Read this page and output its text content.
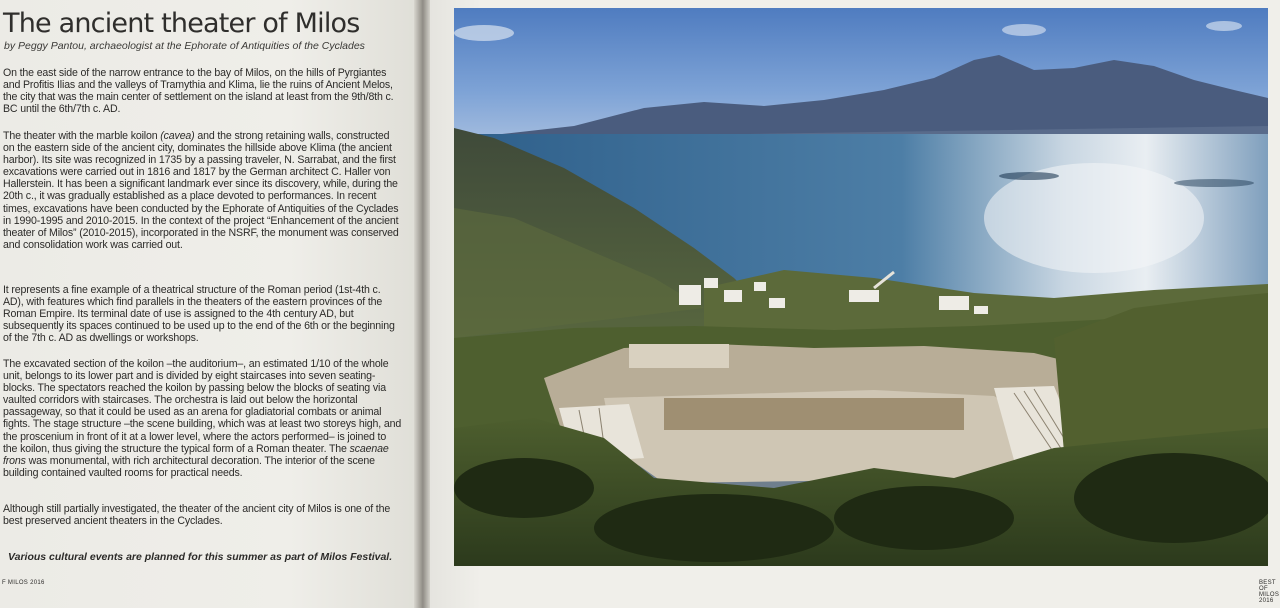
The ancient theater of Milos

by Peggy Pantou, archaeologist at the Ephorate of Antiquities of the Cyclades

On the east side of the narrow entrance to the bay of Milos, on the hills of Pyrgiantes and Profitis Ilias and the valleys of Tramythia and Klima, lie the ruins of Ancient Melos, the city that was the main center of settlement on the island at least from the 9th/8th c. BC until the 6th/7th c. AD.

The theater with the marble koilon (cavea) and the strong retaining walls, constructed on the eastern side of the ancient city, dominates the hillside above Klima (the ancient harbor). Its site was recognized in 1735 by a passing traveler, N. Sarrabat, and the first excavations were carried out in 1816 and 1817 by the German architect C. Haller von Hallerstein. It has been a significant landmark ever since its discovery, while, during the 20th c., it was gradually established as a place devoted to performances. In recent times, excavations have been conducted by the Ephorate of Antiquities of the Cyclades in 1990-1995 and 2010-2015. In the context of the project “Enhancement of the ancient theater of Milos” (2010-2015), incorporated in the NSRF, the monument was conserved and consolidation work was carried out.

It represents a fine example of a theatrical structure of the Roman period (1st-4th c. AD), with features which find parallels in the theaters of the eastern provinces of the Roman Empire. Its terminal date of use is assigned to the 4th century AD, but subsequently its spaces continued to be used up to the end of the 6th or the beginning of the 7th c. AD as dwellings or workshops.

The excavated section of the koilon –the auditorium–, an estimated 1/10 of the whole unit, belongs to its lower part and is divided by eight staircases into seven seating-blocks. The spectators reached the koilon by passing below the blocks of seating via vaulted corridors with staircases. The orchestra is laid out below the horizontal passageway, so that it could be used as an arena for gladiatorial combats or animal fights. The stage structure –the scene building, which was at least two storeys high, and the proscenium in front of it at a lower level, where the actors performed– is joined to the koilon, thus giving the structure the typical form of a Roman theater. The scaenae frons was monumental, with rich architectural decoration. The interior of the scene building contained vaulted rooms for practical needs.

Although still partially investigated, the theater of the ancient city of Milos is one of the best preserved ancient theaters in the Cyclades.

Various cultural events are planned for this summer as part of Milos Festival.

F MILOS 2016	BEST OF MILOS 2016
